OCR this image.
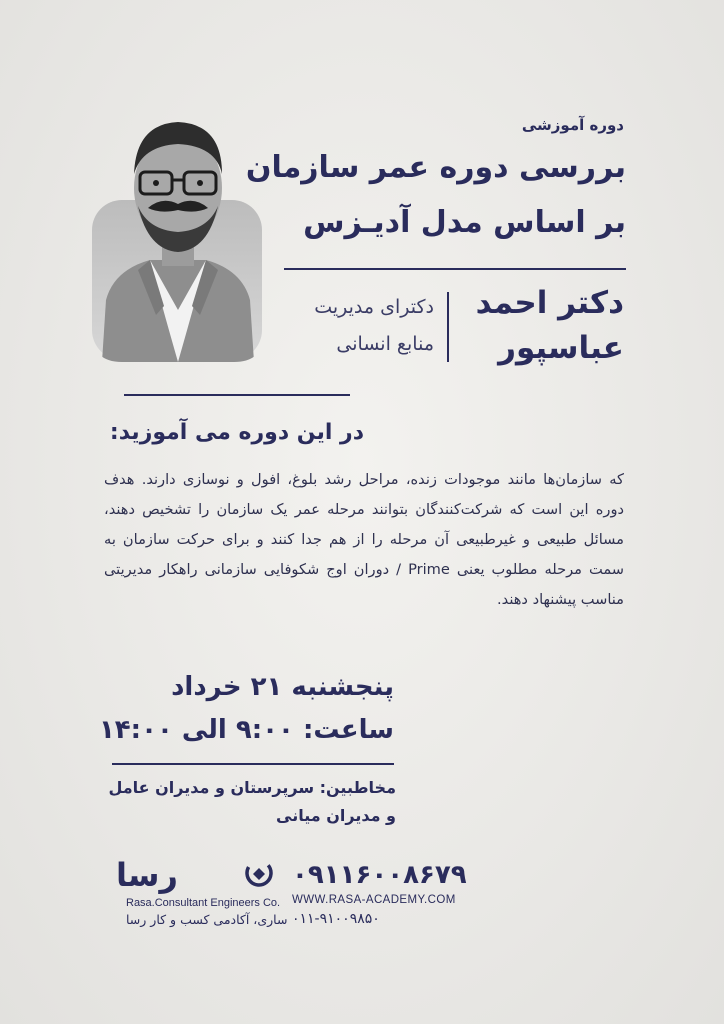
دوره آموزشی
بررسی دوره عمر سازمان
بر اساس مدل آدیـزس
دکتر احمد
عباسپور
دکترای مدیریت
منابع انسانی
در این دوره می آموزید:
که سازمان‌ها مانند موجودات زنده، مراحل رشد بلوغ، افول و نوسازی دارند. هدف دوره این است که شرکت‌کنندگان بتوانند مرحله عمر یک سازمان را تشخیص دهند، مسائل طبیعی و غیرطبیعی آن مرحله را از هم جدا کنند و برای حرکت سازمان به سمت مرحله مطلوب یعنی Prime / دوران اوج شکوفایی سازمانی راهکار مدیریتی مناسب پیشنهاد دهند.
پنجشنبه ۲۱ خرداد
ساعت: ۹:۰۰ الی ۱۴:۰۰
مخاطبین: سرپرستان و مدیران عامل
و مدیران میانی
رسا
Rasa.Consultant Engineers Co.
ساری، آکادمی کسب و کار رسا
۰۹۱۱۶۰۰۸۶۷۹
WWW.RASA-ACADEMY.COM
۰۱۱-۹۱۰۰۹۸۵۰
